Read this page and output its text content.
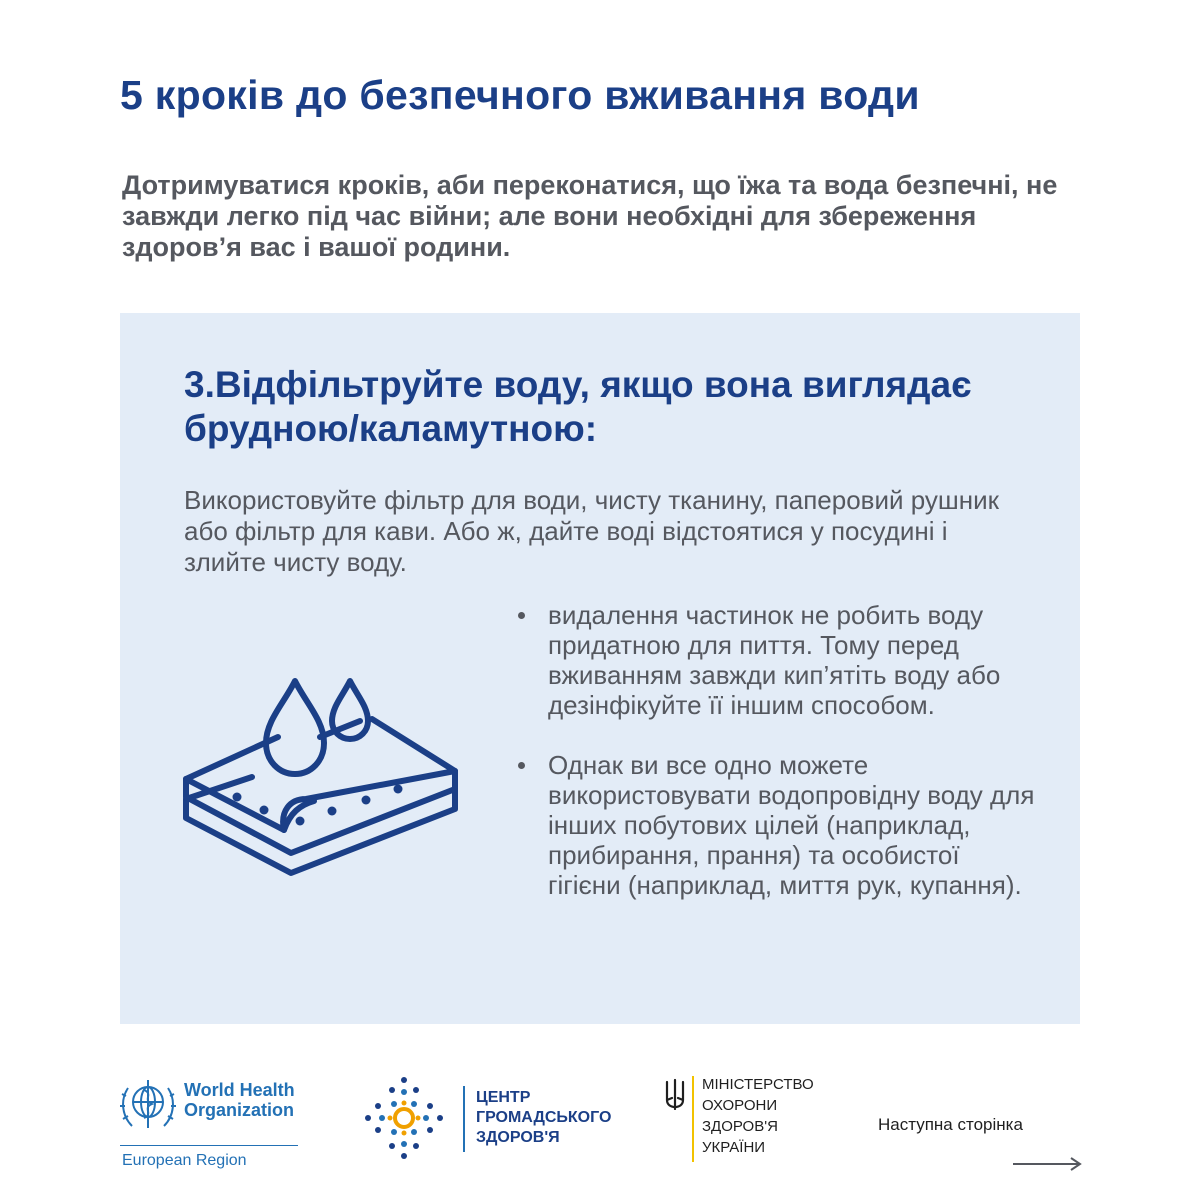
5 кроків до безпечного вживання води

Дотримуватися кроків, аби переконатися, що їжа та вода безпечні, не завжди легко під час війни; але вони необхідні для збереження здоров’я вас і вашої родини.

3.Відфільтруйте воду, якщо вона виглядає брудною/каламутною:

Використовуйте фільтр для води, чисту тканину, паперовий рушник або фільтр для кави. Або ж, дайте воді відстоятися у посудині і злийте чисту воду.

видалення частинок не робить воду придатною для пиття. Тому перед вживанням завжди кип’ятіть воду або дезінфікуйте її іншим способом.
Однак ви все одно можете використовувати водопровідну воду для інших побутових цілей (наприклад, прибирання, прання) та особистої гігієни (наприклад, миття рук, купання).
World Health
Organization
European Region
ЦЕНТР
ГРОМАДСЬКОГО
ЗДОРОВ'Я
МІНІСТЕРСТВО
ОХОРОНИ
ЗДОРОВ'Я
УКРАЇНИ
Наступна сторінка
